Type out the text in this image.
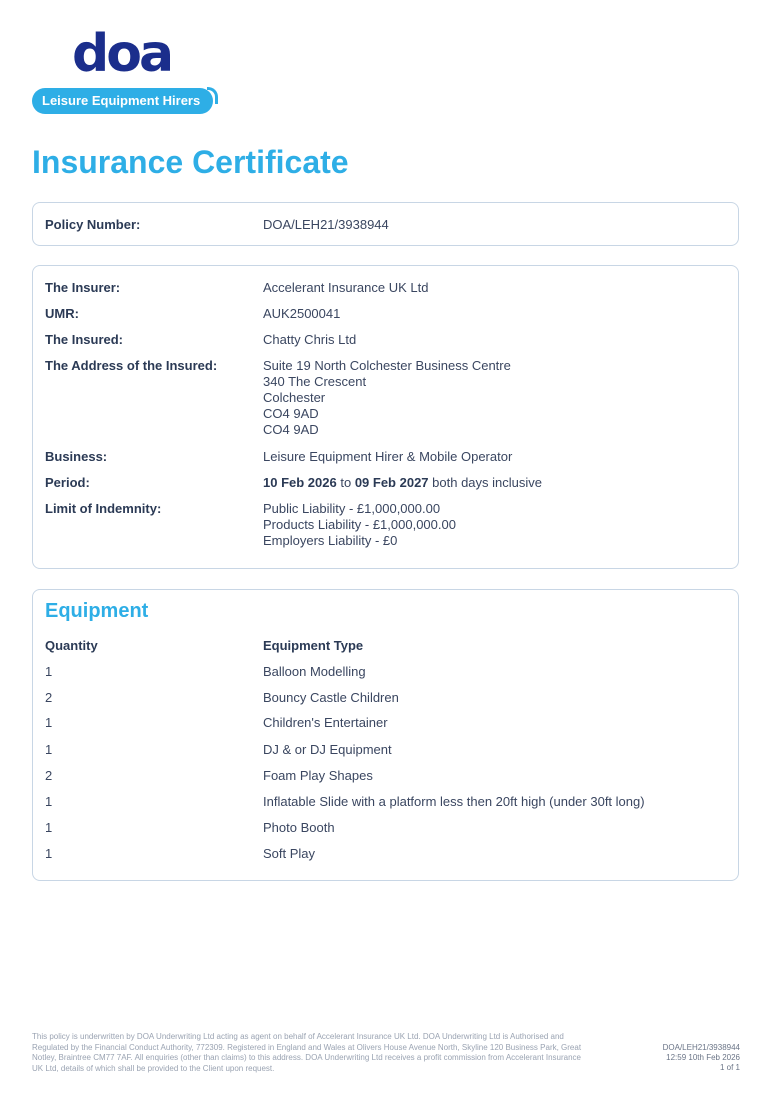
doa
Leisure Equipment Hirers
Insurance Certificate
Policy Number:	DOA/LEH21/3938944
The Insurer:	Accelerant Insurance UK Ltd
UMR:	AUK2500041
The Insured:	Chatty Chris Ltd
The Address of the Insured:	Suite 19 North Colchester Business Centre
340 The Crescent
Colchester
CO4 9AD
CO4 9AD
Business:	Leisure Equipment Hirer & Mobile Operator
Period:	10 Feb 2026 to 09 Feb 2027 both days inclusive
Limit of Indemnity:	Public Liability - £1,000,000.00
Products Liability - £1,000,000.00
Employers Liability - £0
Equipment
Quantity	Equipment Type
1	Balloon Modelling
2	Bouncy Castle Children
1	Children's Entertainer
1	DJ & or DJ Equipment
2	Foam Play Shapes
1	Inflatable Slide with a platform less then 20ft high (under 30ft long)
1	Photo Booth
1	Soft Play
This policy is underwritten by DOA Underwriting Ltd acting as agent on behalf of Accelerant Insurance UK Ltd. DOA Underwriting Ltd is Authorised and Regulated by the Financial Conduct Authority, 772309. Registered in England and Wales at Olivers House Avenue North, Skyline 120 Business Park, Great Notley, Braintree CM77 7AF. All enquiries (other than claims) to this address. DOA Underwriting Ltd receives a profit commission from Accelerant Insurance UK Ltd, details of which shall be provided to the Client upon request.
DOA/LEH21/3938944
12:59 10th Feb 2026
1 of 1
